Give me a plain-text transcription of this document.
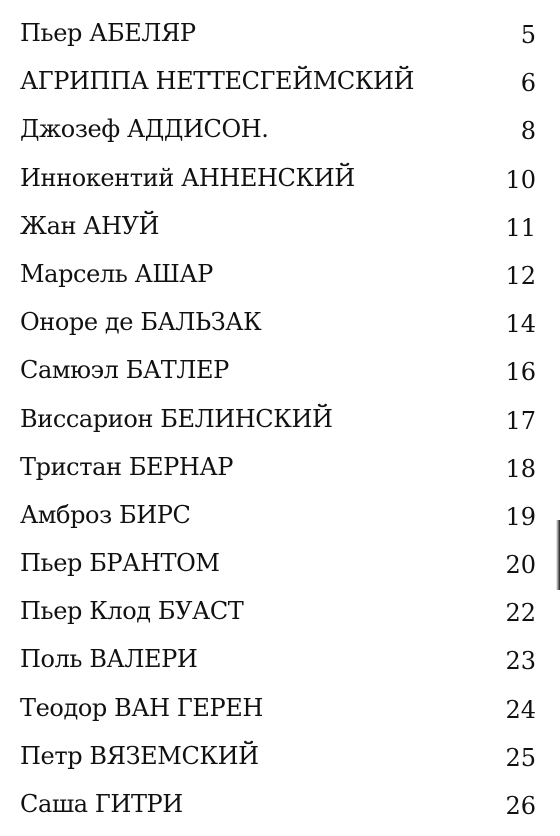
Пьер АБЕЛЯР	5
АГРИППА НЕТТЕСГЕЙМСКИЙ	6
Джозеф АДДИСОН.	8
Иннокентий АННЕНСКИЙ	10
Жан АНУЙ	11
Марсель АШАР	12
Оноре де БАЛЬЗАК	14
Самюэл БАТЛЕР	16
Виссарион БЕЛИНСКИЙ	17
Тристан БЕРНАР	18
Амброз БИРС	19
Пьер БРАНТОМ	20
Пьер Клод БУАСТ	22
Поль ВАЛЕРИ	23
Теодор ВАН ГЕРЕН	24
Петр ВЯЗЕМСКИЙ	25
Саша ГИТРИ	26
